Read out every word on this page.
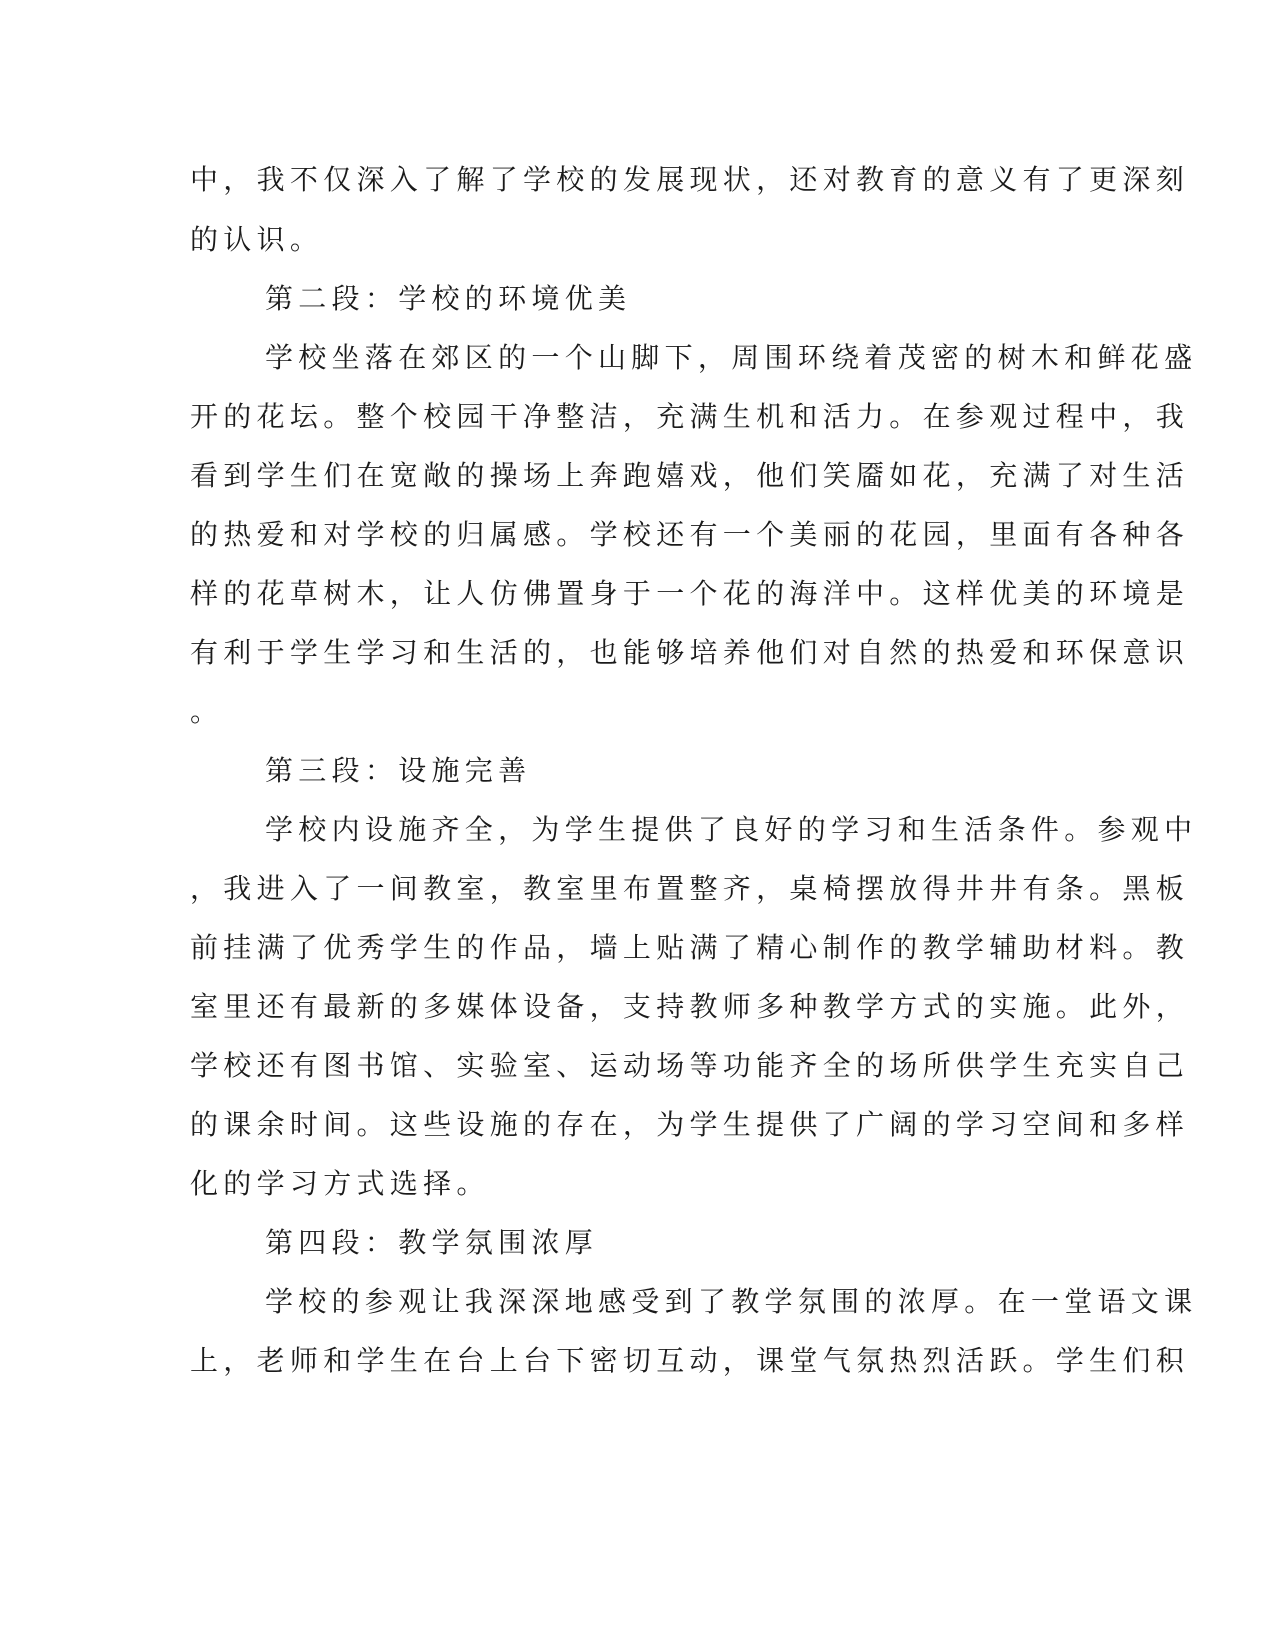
中，我不仅深入了解了学校的发展现状，还对教育的意义有了更深刻
的认识。
第二段：学校的环境优美
学校坐落在郊区的一个山脚下，周围环绕着茂密的树木和鲜花盛
开的花坛。整个校园干净整洁，充满生机和活力。在参观过程中，我
看到学生们在宽敞的操场上奔跑嬉戏，他们笑靥如花，充满了对生活
的热爱和对学校的归属感。学校还有一个美丽的花园，里面有各种各
样的花草树木，让人仿佛置身于一个花的海洋中。这样优美的环境是
有利于学生学习和生活的，也能够培养他们对自然的热爱和环保意识
。
第三段：设施完善
学校内设施齐全，为学生提供了良好的学习和生活条件。参观中
，我进入了一间教室，教室里布置整齐，桌椅摆放得井井有条。黑板
前挂满了优秀学生的作品，墙上贴满了精心制作的教学辅助材料。教
室里还有最新的多媒体设备，支持教师多种教学方式的实施。此外，
学校还有图书馆、实验室、运动场等功能齐全的场所供学生充实自己
的课余时间。这些设施的存在，为学生提供了广阔的学习空间和多样
化的学习方式选择。
第四段：教学氛围浓厚
学校的参观让我深深地感受到了教学氛围的浓厚。在一堂语文课
上，老师和学生在台上台下密切互动，课堂气氛热烈活跃。学生们积
